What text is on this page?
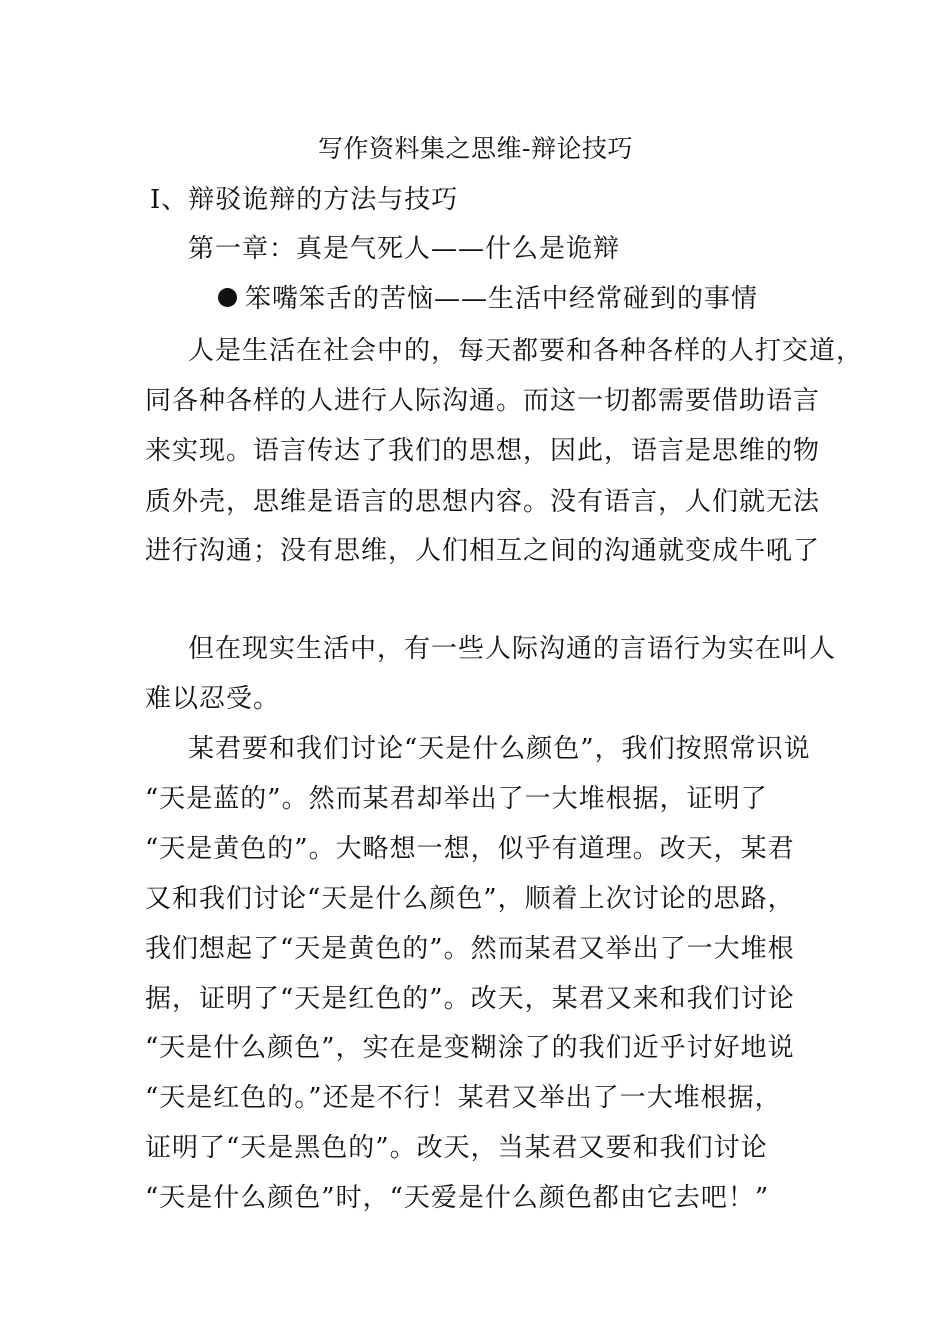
写作资料集之思维-辩论技巧
I、辩驳诡辩的方法与技巧
第一章：真是气死人——什么是诡辩
笨嘴笨舌的苦恼——生活中经常碰到的事情
人是生活在社会中的，每天都要和各种各样的人打交道，
同各种各样的人进行人际沟通。而这一切都需要借助语言
来实现。语言传达了我们的思想，因此，语言是思维的物
质外壳，思维是语言的思想内容。没有语言，人们就无法
进行沟通；没有思维，人们相互之间的沟通就变成牛吼了
但在现实生活中，有一些人际沟通的言语行为实在叫人
难以忍受。
某君要和我们讨论“天是什么颜色”，我们按照常识说
“天是蓝的”。然而某君却举出了一大堆根据，证明了
“天是黄色的”。大略想一想，似乎有道理。改天，某君
又和我们讨论“天是什么颜色”，顺着上次讨论的思路，
我们想起了“天是黄色的”。然而某君又举出了一大堆根
据，证明了“天是红色的”。改天，某君又来和我们讨论
“天是什么颜色”，实在是变糊涂了的我们近乎讨好地说
“天是红色的。”还是不行！某君又举出了一大堆根据，
证明了“天是黑色的”。改天，当某君又要和我们讨论
“天是什么颜色”时，“天爱是什么颜色都由它去吧！”
